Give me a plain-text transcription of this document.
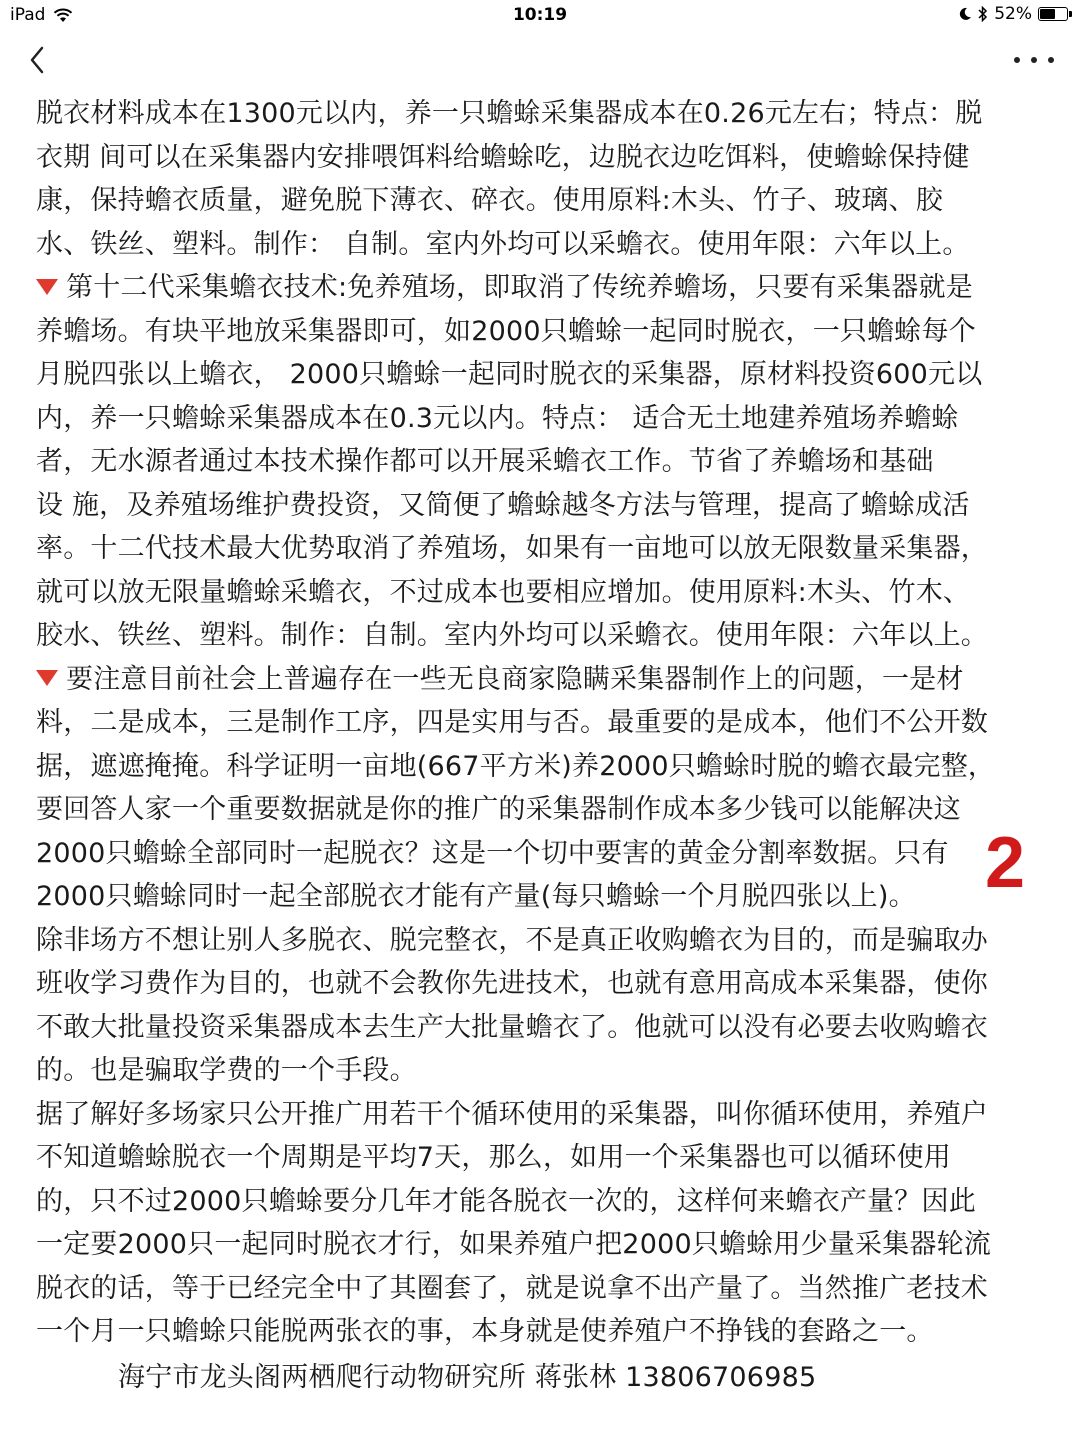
iPad	10:19	52%
脱衣材料成本在1300元以内，养一只蟾蜍采集器成本在0.26元左右；特点：脱
衣期 间可以在采集器内安排喂饵料给蟾蜍吃，边脱衣边吃饵料，使蟾蜍保持健
康，保持蟾衣质量，避免脱下薄衣、碎衣。使用原料:木头、竹子、玻璃、胶
水、铁丝、塑料。制作： 自制。室内外均可以采蟾衣。使用年限：六年以上。
第十二代采集蟾衣技术:免养殖场，即取消了传统养蟾场，只要有采集器就是
养蟾场。有块平地放采集器即可，如2000只蟾蜍一起同时脱衣，一只蟾蜍每个
月脱四张以上蟾衣， 2000只蟾蜍一起同时脱衣的采集器，原材料投资600元以
内，养一只蟾蜍采集器成本在0.3元以内。特点： 适合无土地建养殖场养蟾蜍
者，无水源者通过本技术操作都可以开展采蟾衣工作。节省了养蟾场和基础
设 施，及养殖场维护费投资，又简便了蟾蜍越冬方法与管理，提高了蟾蜍成活
率。十二代技术最大优势取消了养殖场，如果有一亩地可以放无限数量采集器，
就可以放无限量蟾蜍采蟾衣，不过成本也要相应增加。使用原料:木头、竹木、
胶水、铁丝、塑料。制作：自制。室内外均可以采蟾衣。使用年限：六年以上。
要注意目前社会上普遍存在一些无良商家隐瞒采集器制作上的问题，一是材
料，二是成本，三是制作工序，四是实用与否。最重要的是成本，他们不公开数
据，遮遮掩掩。科学证明一亩地(667平方米)养2000只蟾蜍时脱的蟾衣最完整，
要回答人家一个重要数据就是你的推广的采集器制作成本多少钱可以能解决这
2000只蟾蜍全部同时一起脱衣？这是一个切中要害的黄金分割率数据。只有
2000只蟾蜍同时一起全部脱衣才能有产量(每只蟾蜍一个月脱四张以上)。
除非场方不想让别人多脱衣、脱完整衣，不是真正收购蟾衣为目的，而是骗取办
班收学习费作为目的，也就不会教你先进技术，也就有意用高成本采集器，使你
不敢大批量投资采集器成本去生产大批量蟾衣了。他就可以没有必要去收购蟾衣
的。也是骗取学费的一个手段。
据了解好多场家只公开推广用若干个循环使用的采集器，叫你循环使用，养殖户
不知道蟾蜍脱衣一个周期是平均7天，那么，如用一个采集器也可以循环使用
的，只不过2000只蟾蜍要分几年才能各脱衣一次的，这样何来蟾衣产量？因此
一定要2000只一起同时脱衣才行，如果养殖户把2000只蟾蜍用少量采集器轮流
脱衣的话，等于已经完全中了其圈套了，就是说拿不出产量了。当然推广老技术
一个月一只蟾蜍只能脱两张衣的事，本身就是使养殖户不挣钱的套路之一。
海宁市龙头阁两栖爬行动物研究所 蒋张林 13806706985
2
